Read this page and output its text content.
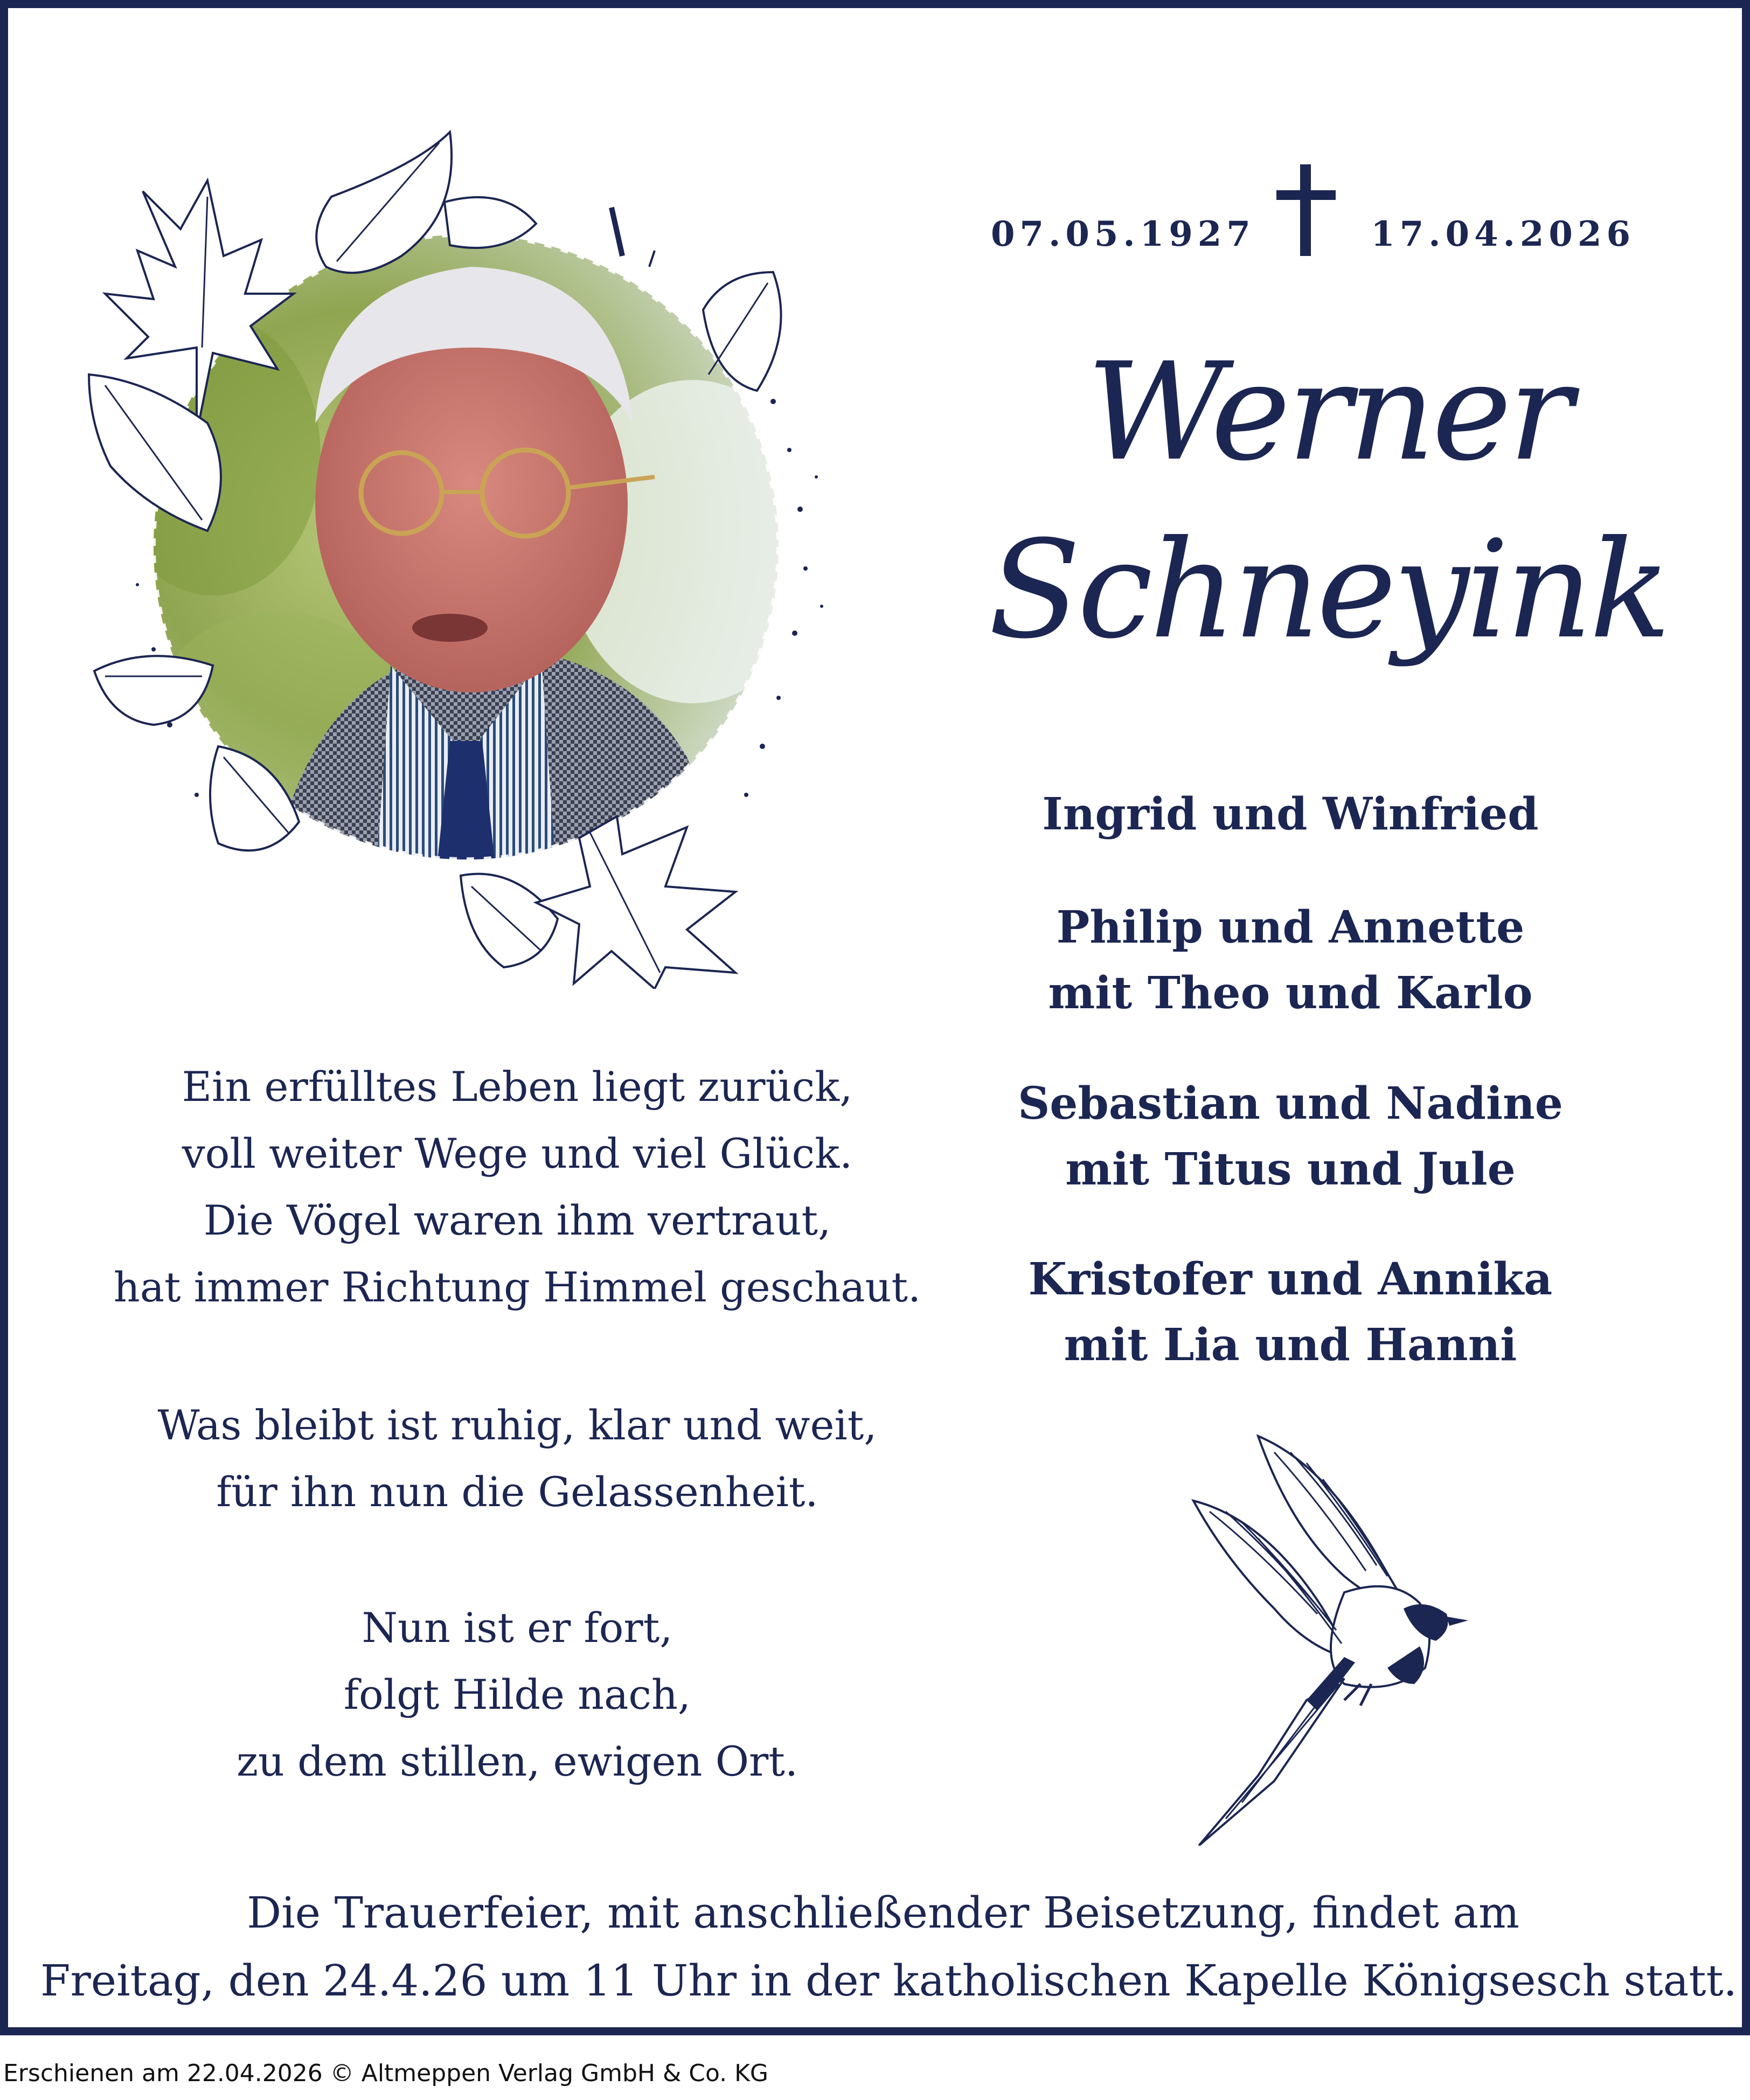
07.05.1927	17.04.2026
Werner
Schneyink
Ingrid und Winfried
Philip und Annette
mit Theo und Karlo
Sebastian und Nadine
mit Titus und Jule
Kristofer und Annika
mit Lia und Hanni
Ein erfülltes Leben liegt zurück,
voll weiter Wege und viel Glück.
Die Vögel waren ihm vertraut,
hat immer Richtung Himmel geschaut.
Was bleibt ist ruhig, klar und weit,
für ihn nun die Gelassenheit.
Nun ist er fort,
folgt Hilde nach,
zu dem stillen, ewigen Ort.
Die Trauerfeier, mit anschließender Beisetzung, findet am
Freitag, den 24.4.26 um 11 Uhr in der katholischen Kapelle Königsesch statt.
Erschienen am 22.04.2026 © Altmeppen Verlag GmbH & Co. KG
